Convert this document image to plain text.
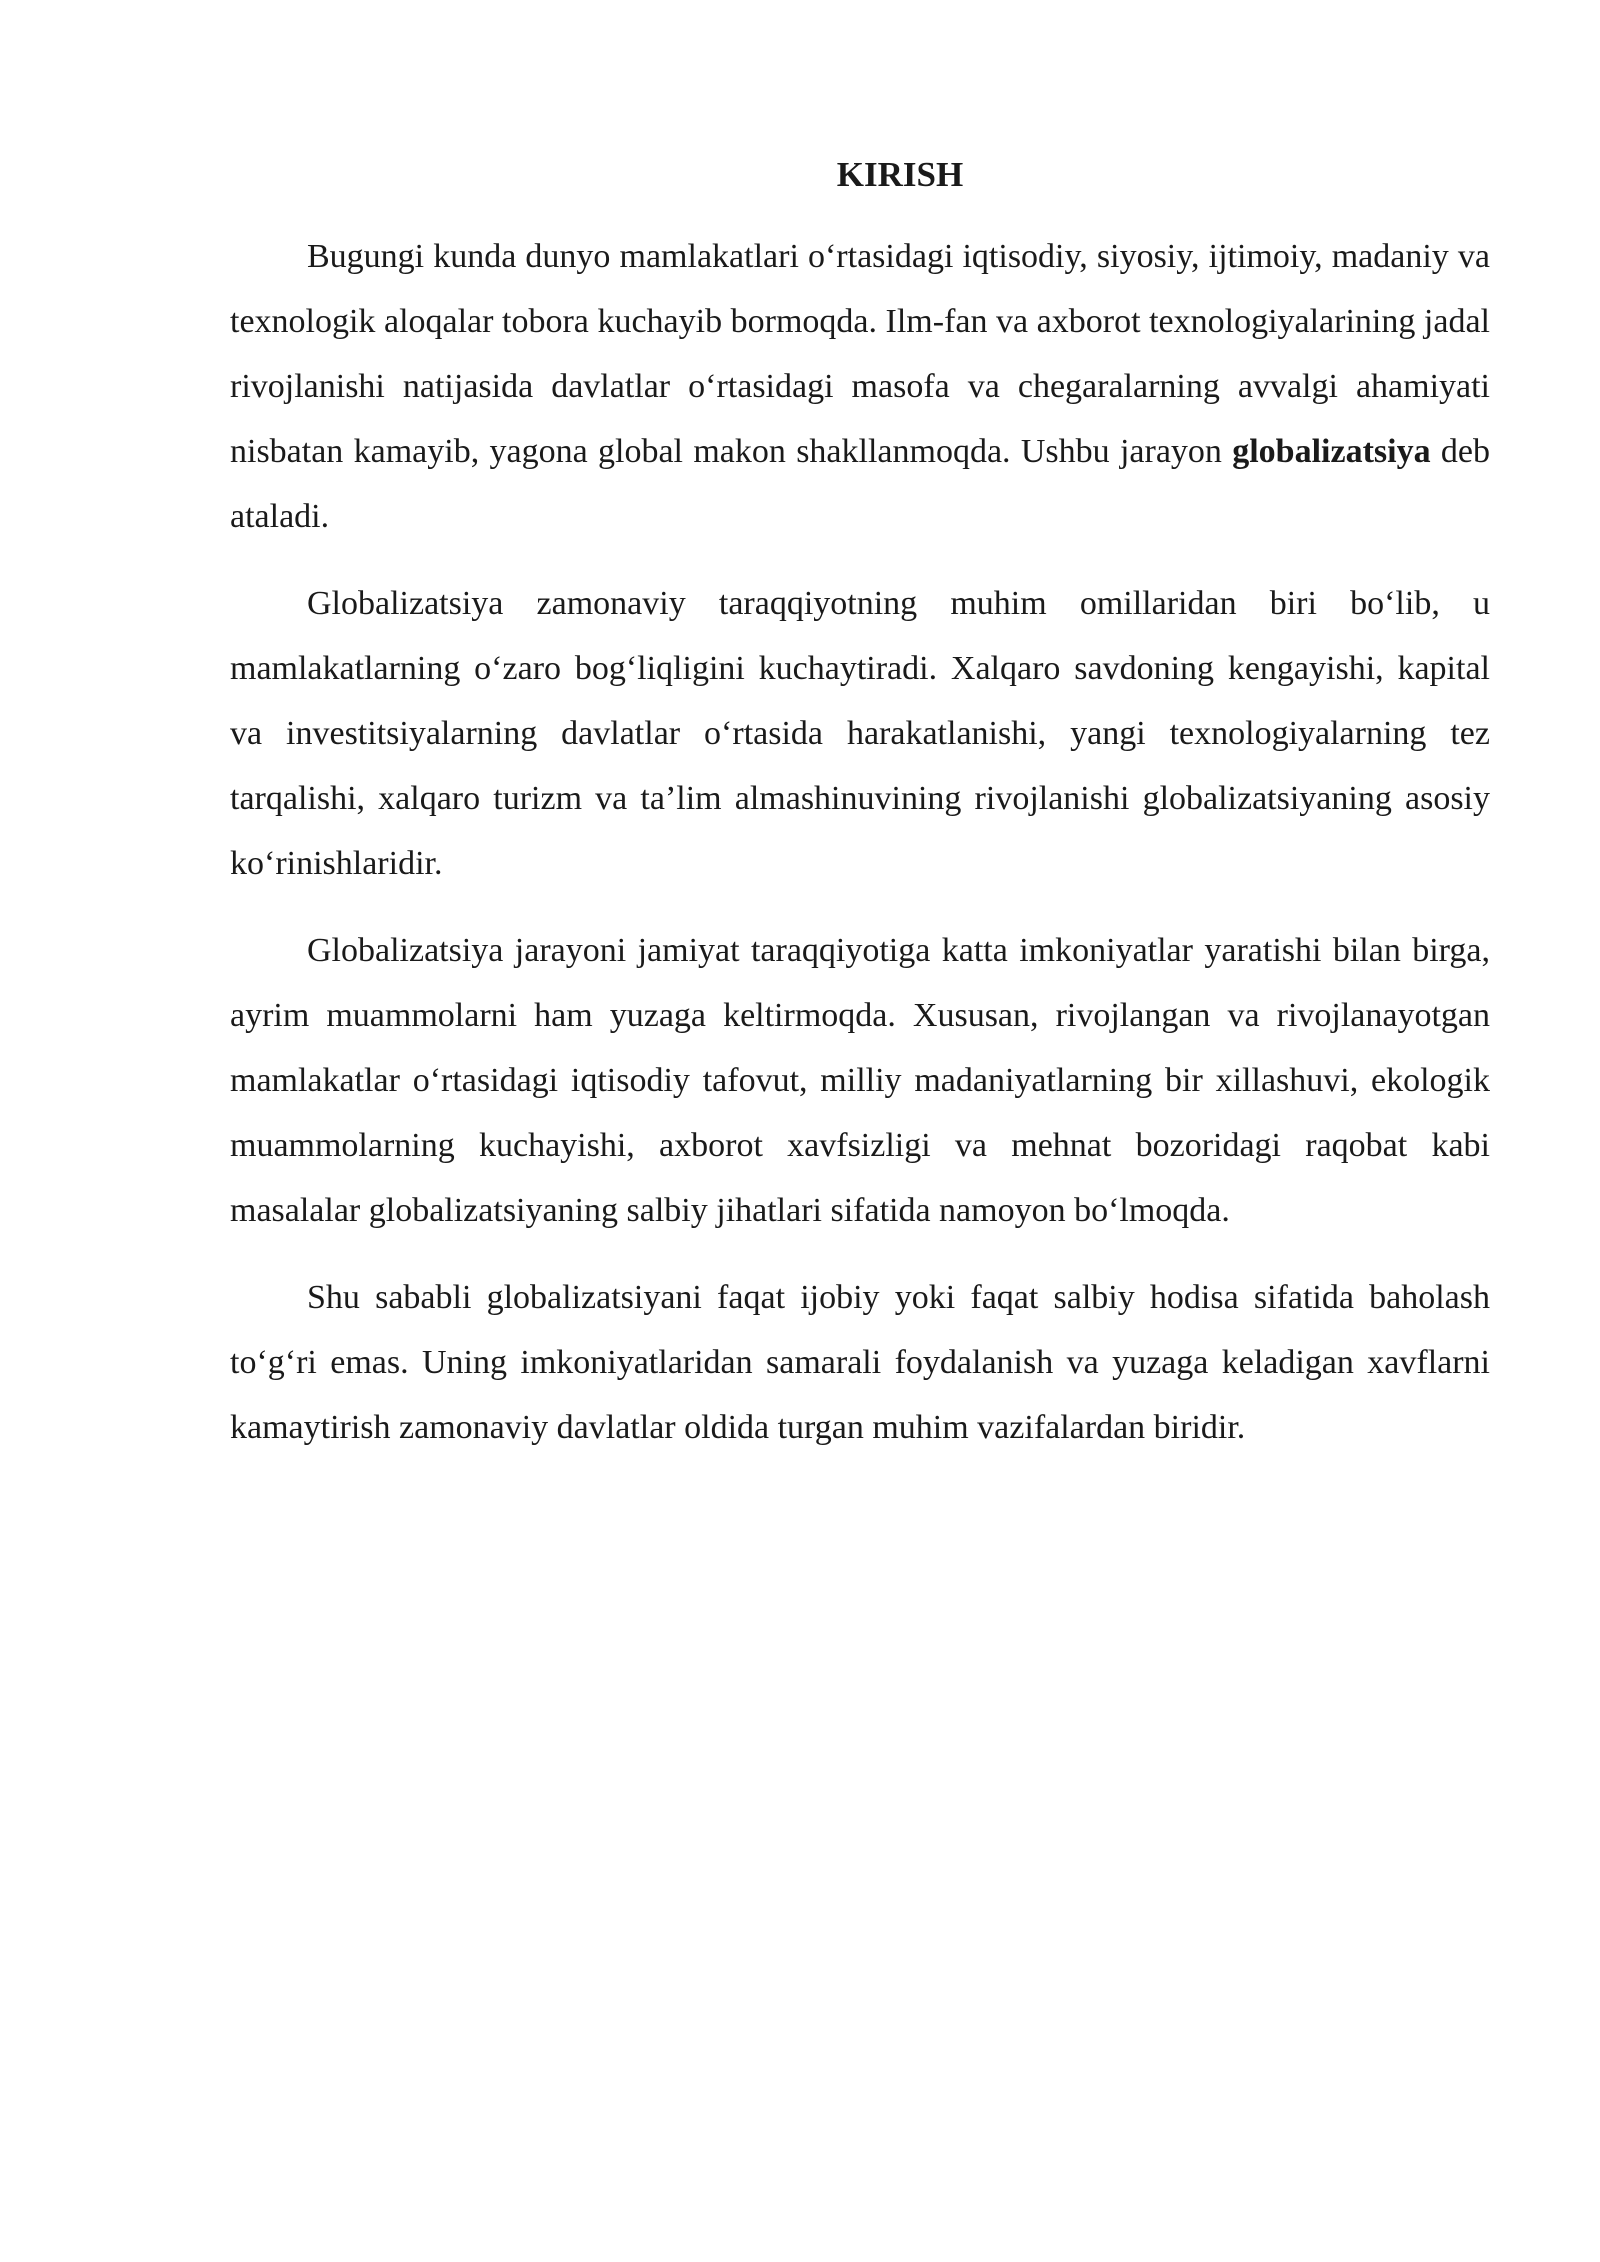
KIRISH

Bugungi kunda dunyo mamlakatlari o‘rtasidagi iqtisodiy, siyosiy, ijtimoiy, madaniy va texnologik aloqalar tobora kuchayib bormoqda. Ilm-fan va axborot texnologiyalarining jadal rivojlanishi natijasida davlatlar o‘rtasidagi masofa va chegaralarning avvalgi ahamiyati nisbatan kamayib, yagona global makon shakllanmoqda. Ushbu jarayon globalizatsiya deb ataladi.

Globalizatsiya zamonaviy taraqqiyotning muhim omillaridan biri bo‘lib, u mamlakatlarning o‘zaro bog‘liqligini kuchaytiradi. Xalqaro savdoning kengayishi, kapital va investitsiyalarning davlatlar o‘rtasida harakatlanishi, yangi texnologiyalarning tez tarqalishi, xalqaro turizm va ta’lim almashinuvining rivojlanishi globalizatsiyaning asosiy ko‘rinishlaridir.

Globalizatsiya jarayoni jamiyat taraqqiyotiga katta imkoniyatlar yaratishi bilan birga, ayrim muammolarni ham yuzaga keltirmoqda. Xususan, rivojlangan va rivojlanayotgan mamlakatlar o‘rtasidagi iqtisodiy tafovut, milliy madaniyatlarning bir xillashuvi, ekologik muammolarning kuchayishi, axborot xavfsizligi va mehnat bozoridagi raqobat kabi masalalar globalizatsiyaning salbiy jihatlari sifatida namoyon bo‘lmoqda.

Shu sababli globalizatsiyani faqat ijobiy yoki faqat salbiy hodisa sifatida baholash to‘g‘ri emas. Uning imkoniyatlaridan samarali foydalanish va yuzaga keladigan xavflarni kamaytirish zamonaviy davlatlar oldida turgan muhim vazifalardan biridir.
